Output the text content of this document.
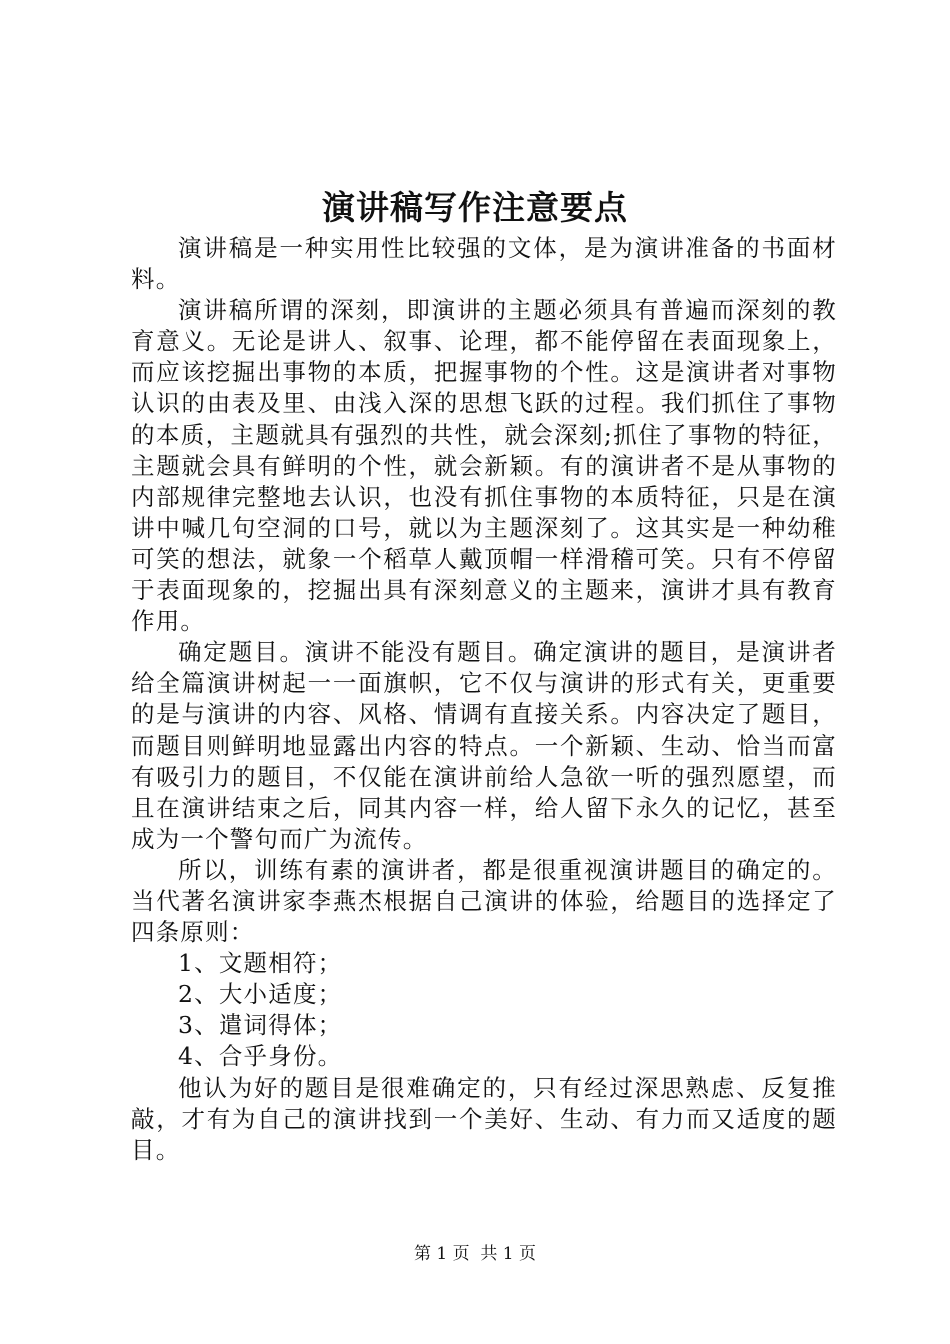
演讲稿写作注意要点

演讲稿是一种实用性比较强的文体，是为演讲准备的书面材料。

演讲稿所谓的深刻，即演讲的主题必须具有普遍而深刻的教育意义。无论是讲人、叙事、论理，都不能停留在表面现象上，而应该挖掘出事物的本质，把握事物的个性。这是演讲者对事物认识的由表及里、由浅入深的思想飞跃的过程。我们抓住了事物的本质，主题就具有强烈的共性，就会深刻;抓住了事物的特征，主题就会具有鲜明的个性，就会新颖。有的演讲者不是从事物的内部规律完整地去认识，也没有抓住事物的本质特征，只是在演讲中喊几句空洞的口号，就以为主题深刻了。这其实是一种幼稚可笑的想法，就象一个稻草人戴顶帽一样滑稽可笑。只有不停留于表面现象的，挖掘出具有深刻意义的主题来，演讲才具有教育作用。

确定题目。演讲不能没有题目。确定演讲的题目，是演讲者给全篇演讲树起一一面旗帜，它不仅与演讲的形式有关，更重要的是与演讲的内容、风格、情调有直接关系。内容决定了题目，而题目则鲜明地显露出内容的特点。一个新颖、生动、恰当而富有吸引力的题目，不仅能在演讲前给人急欲一听的强烈愿望，而且在演讲结束之后，同其内容一样，给人留下永久的记忆，甚至成为一个警句而广为流传。

所以，训练有素的演讲者，都是很重视演讲题目的确定的。当代著名演讲家李燕杰根据自己演讲的体验，给题目的选择定了四条原则：

1、文题相符；

2、大小适度；

3、遣词得体；

4、合乎身份。

他认为好的题目是很难确定的，只有经过深思熟虑、反复推敲，才有为自己的演讲找到一个美好、生动、有力而又适度的题目。

第 1 页  共 1 页
